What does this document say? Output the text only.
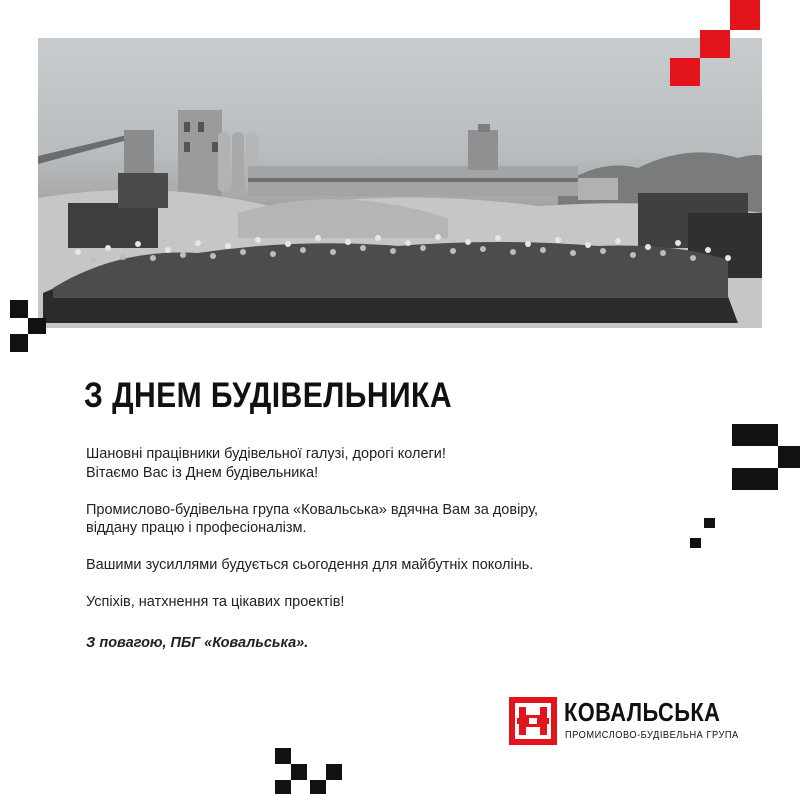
З ДНЕМ БУДІВЕЛЬНИКА

Шановні працівники будівельної галузі, дорогі колеги!

Вітаємо Вас із Днем будівельника!

Промислово-будівельна група «Ковальська» вдячна Вам за довіру,

віддану працю і професіоналізм.

Вашими зусиллями будується сьогодення для майбутніх поколінь.

Успіхів, натхнення та цікавих проектів!

З повагою, ПБГ «Ковальська».
КОВАЛЬСЬКА
ПРОМИСЛОВО-БУДІВЕЛЬНА ГРУПА
